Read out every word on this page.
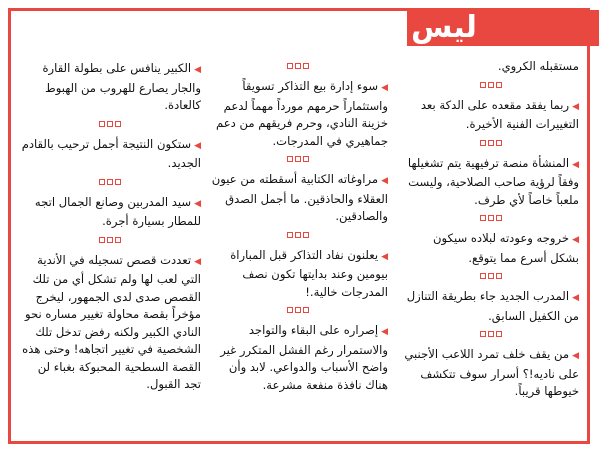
ليس
مستقبله الكروي.
◀ربما يفقد مقعده على الدكة بعد التغييرات الفنية الأخيرة.
◀المنشأة منصة ترفيهية يتم تشغيلها وفقاً لرؤية صاحب الصلاحية، وليست ملعباً خاصاً لأي طرف.
◀خروجه وعودته لبلاده سيكون بشكل أسرع مما يتوقع.
◀المدرب الجديد جاء بطريقة التنازل من الكفيل السابق.
◀من يقف خلف تمرد اللاعب الأجنبي على ناديه!؟ أسرار سوف تتكشف خيوطها قريباً.
◀سوء إدارة بيع التذاكر تسويقاً واستثماراً حرمهم مورداً مهماً لدعم خزينة النادي، وحرم فريقهم من دعم جماهيري في المدرجات.
◀مراوغاته الكتابية أسقطته من عيون العقلاء والحاذقين. ما أجمل الصدق والصادقين.
◀يعلنون نفاد التذاكر قبل المباراة بيومين وعند بدايتها تكون نصف المدرجات خالية.!
◀إصراره على البقاء والتواجد والاستمرار رغم الفشل المتكرر غير واضح الأسباب والدواعي. لابد وأن هناك نافذة منفعة مشرعة.
◀الكبير ينافس على بطولة القارة والجار يصارع للهروب من الهبوط كالعادة.
◀ستكون النتيجة أجمل ترحيب بالقادم الجديد.
◀سيد المدربين وصانع الجمال اتجه للمطار بسيارة أجرة.
◀تعددت قصص تسجيله في الأندية التي لعب لها ولم تشكل أي من تلك القصص صدى لدى الجمهور، ليخرج مؤخراً بقصة محاولة تغيير مساره نحو النادي الكبير ولكنه رفض تدخل تلك الشخصية في تغيير اتجاهه! وحتى هذه القصة السطحية المحبوكة بغباء لن تجد القبول.
